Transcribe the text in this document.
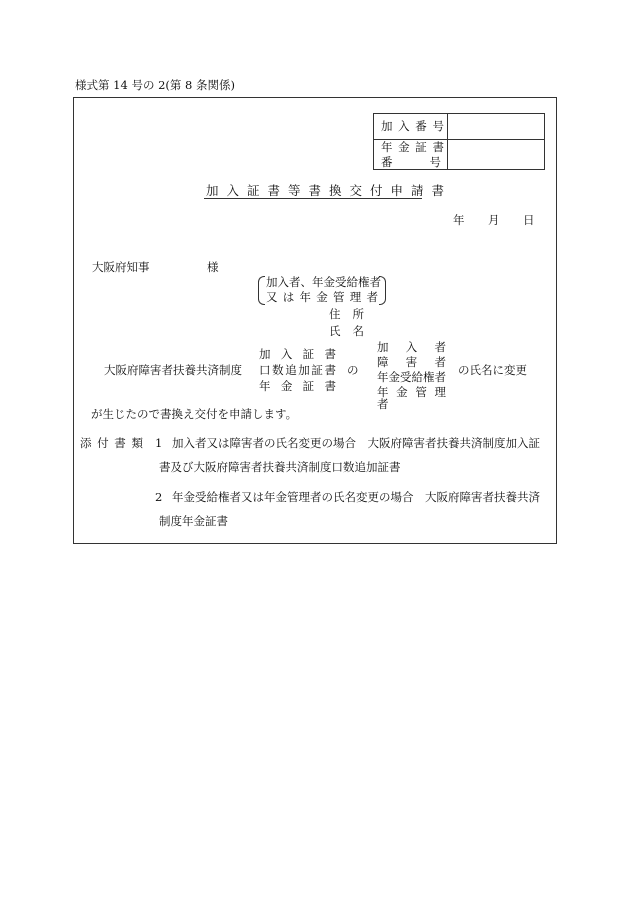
様式第 14 号の 2(第 8 条関係)
加 入 番 号
年 金 証 書
番 号
加入証書等書換交付申請書
年 月 日
大阪府知事	様
加入者、年金受給権者
又は年金管理者
住 所
氏 名
大阪府障害者扶養共済制度
加 入 証 書
口数追加証書
年 金 証 書
の
加 入 者
障 害 者
年金受給権者
年 金 管 理 者
の氏名に変更
が生じたので書換え交付を申請します。
添 付 書 類 1 加入者又は障害者の氏名変更の場合　大阪府障害者扶養共済制度加入証
書及び大阪府障害者扶養共済制度口数追加証書
2 年金受給権者又は年金管理者の氏名変更の場合　大阪府障害者扶養共済
制度年金証書
